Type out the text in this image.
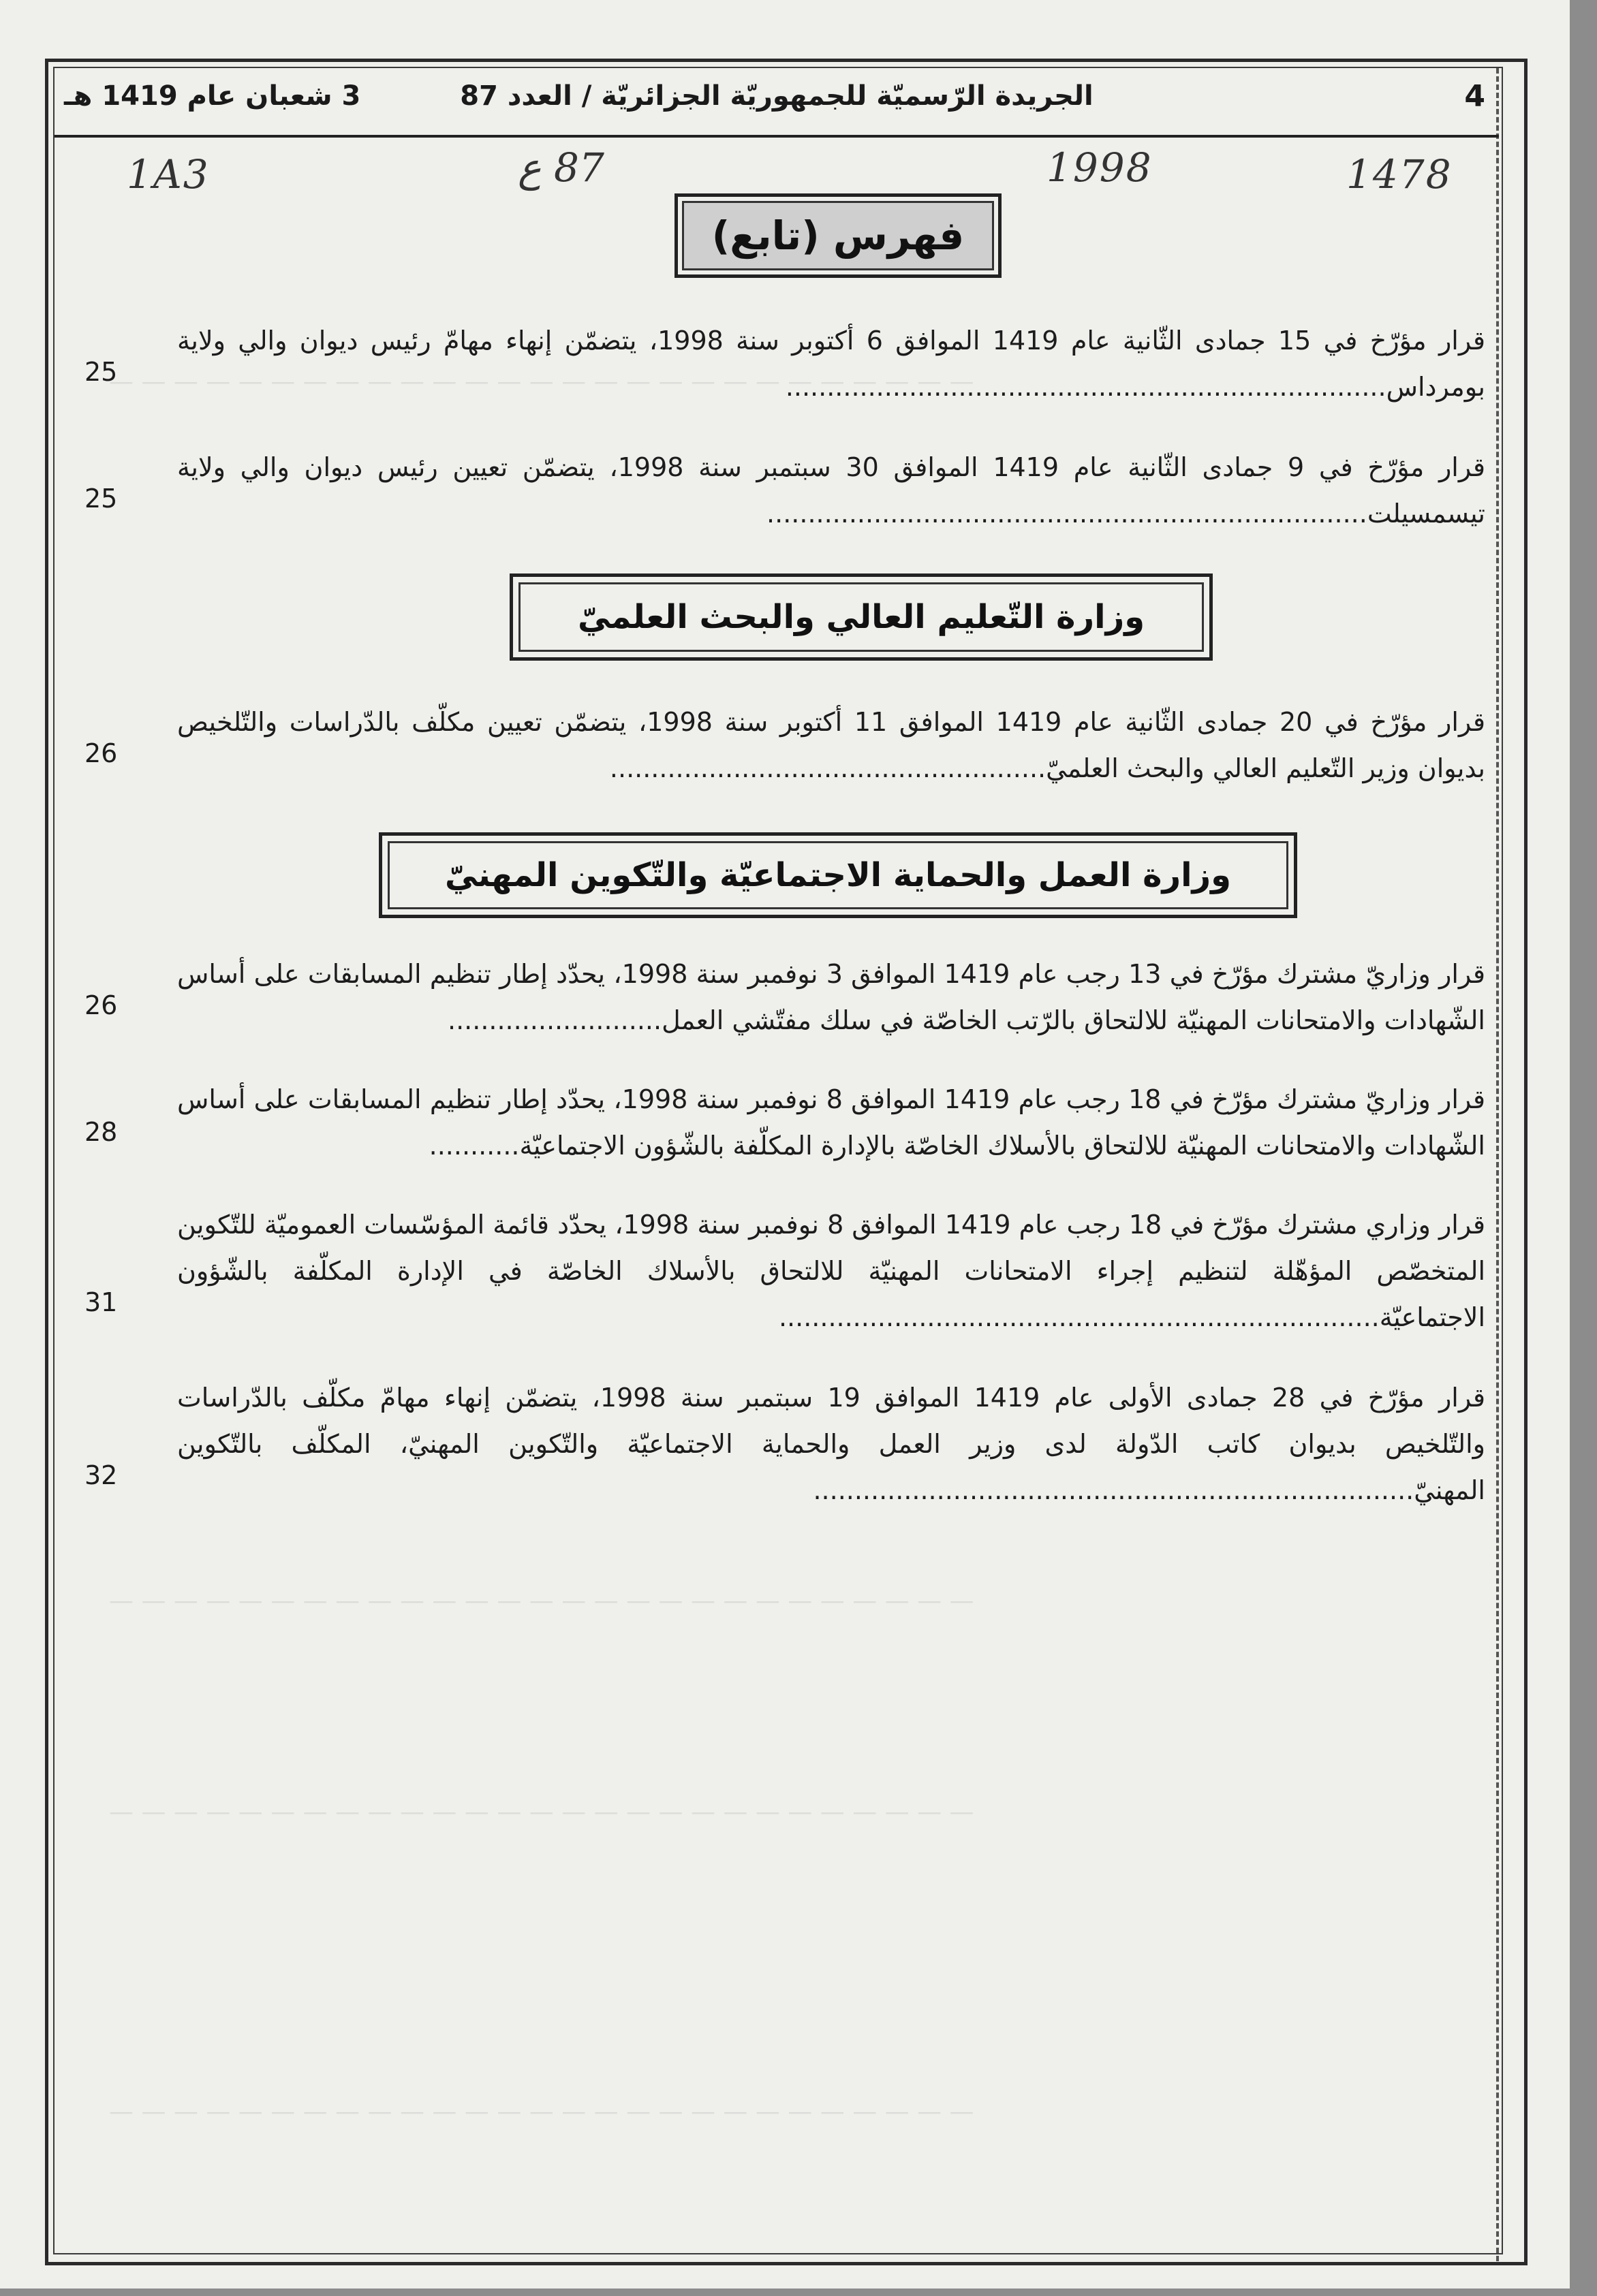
— — — — — — — — — — — — — — — — — — — — — — — — — — —
— — — — — — — — — — — — — — — — — — — — — — — — — — —
— — — — — — — — — — — — — — — — — — — — — — — — — — —
— — — — — — — — — — — — — — — — — — — — — — — — — — —
4
الجريدة الرّسميّة للجمهوريّة الجزائريّة / العدد 87
3 شعبان عام 1419 هـ
1A3	87 ع	1998	1478
فهرس (تابع)
قرار مؤرّخ في 15 جمادى الثّانية عام 1419 الموافق 6 أكتوبر سنة 1998، يتضمّن إنهاء مهامّ رئيس ديوان والي ولاية بومرداس.........................................................................
25
قرار مؤرّخ في 9 جمادى الثّانية عام 1419 الموافق 30 سبتمبر سنة 1998، يتضمّن تعيين رئيس ديوان والي ولاية تيسمسيلت.........................................................................
25
وزارة التّعليم العالي والبحث العلميّ
قرار مؤرّخ في 20 جمادى الثّانية عام 1419 الموافق 11 أكتوبر سنة 1998، يتضمّن تعيين مكلّف بالدّراسات والتّلخيص بديوان وزير التّعليم العالي والبحث العلميّ.....................................................
26
وزارة العمل والحماية الاجتماعيّة والتّكوين المهنيّ
قرار وزاريّ مشترك مؤرّخ في 13 رجب عام 1419 الموافق 3 نوفمبر سنة 1998، يحدّد إطار تنظيم المسابقات على أساس الشّهادات والامتحانات المهنيّة للالتحاق بالرّتب الخاصّة في سلك مفتّشي العمل..........................
26
قرار وزاريّ مشترك مؤرّخ في 18 رجب عام 1419 الموافق 8 نوفمبر سنة 1998، يحدّد إطار تنظيم المسابقات على أساس الشّهادات والامتحانات المهنيّة للالتحاق بالأسلاك الخاصّة بالإدارة المكلّفة بالشّؤون الاجتماعيّة...........
28
قرار وزاري مشترك مؤرّخ في 18 رجب عام 1419 الموافق 8 نوفمبر سنة 1998، يحدّد قائمة المؤسّسات العموميّة للتّكوين المتخصّص المؤهّلة لتنظيم إجراء الامتحانات المهنيّة للالتحاق بالأسلاك الخاصّة في الإدارة المكلّفة بالشّؤون الاجتماعيّة.........................................................................
31
قرار مؤرّخ في 28 جمادى الأولى عام 1419 الموافق 19 سبتمبر سنة 1998، يتضمّن إنهاء مهامّ مكلّف بالدّراسات والتّلخيص بديوان كاتب الدّولة لدى وزير العمل والحماية الاجتماعيّة والتّكوين المهنيّ، المكلّف بالتّكوين المهنيّ.........................................................................
32
